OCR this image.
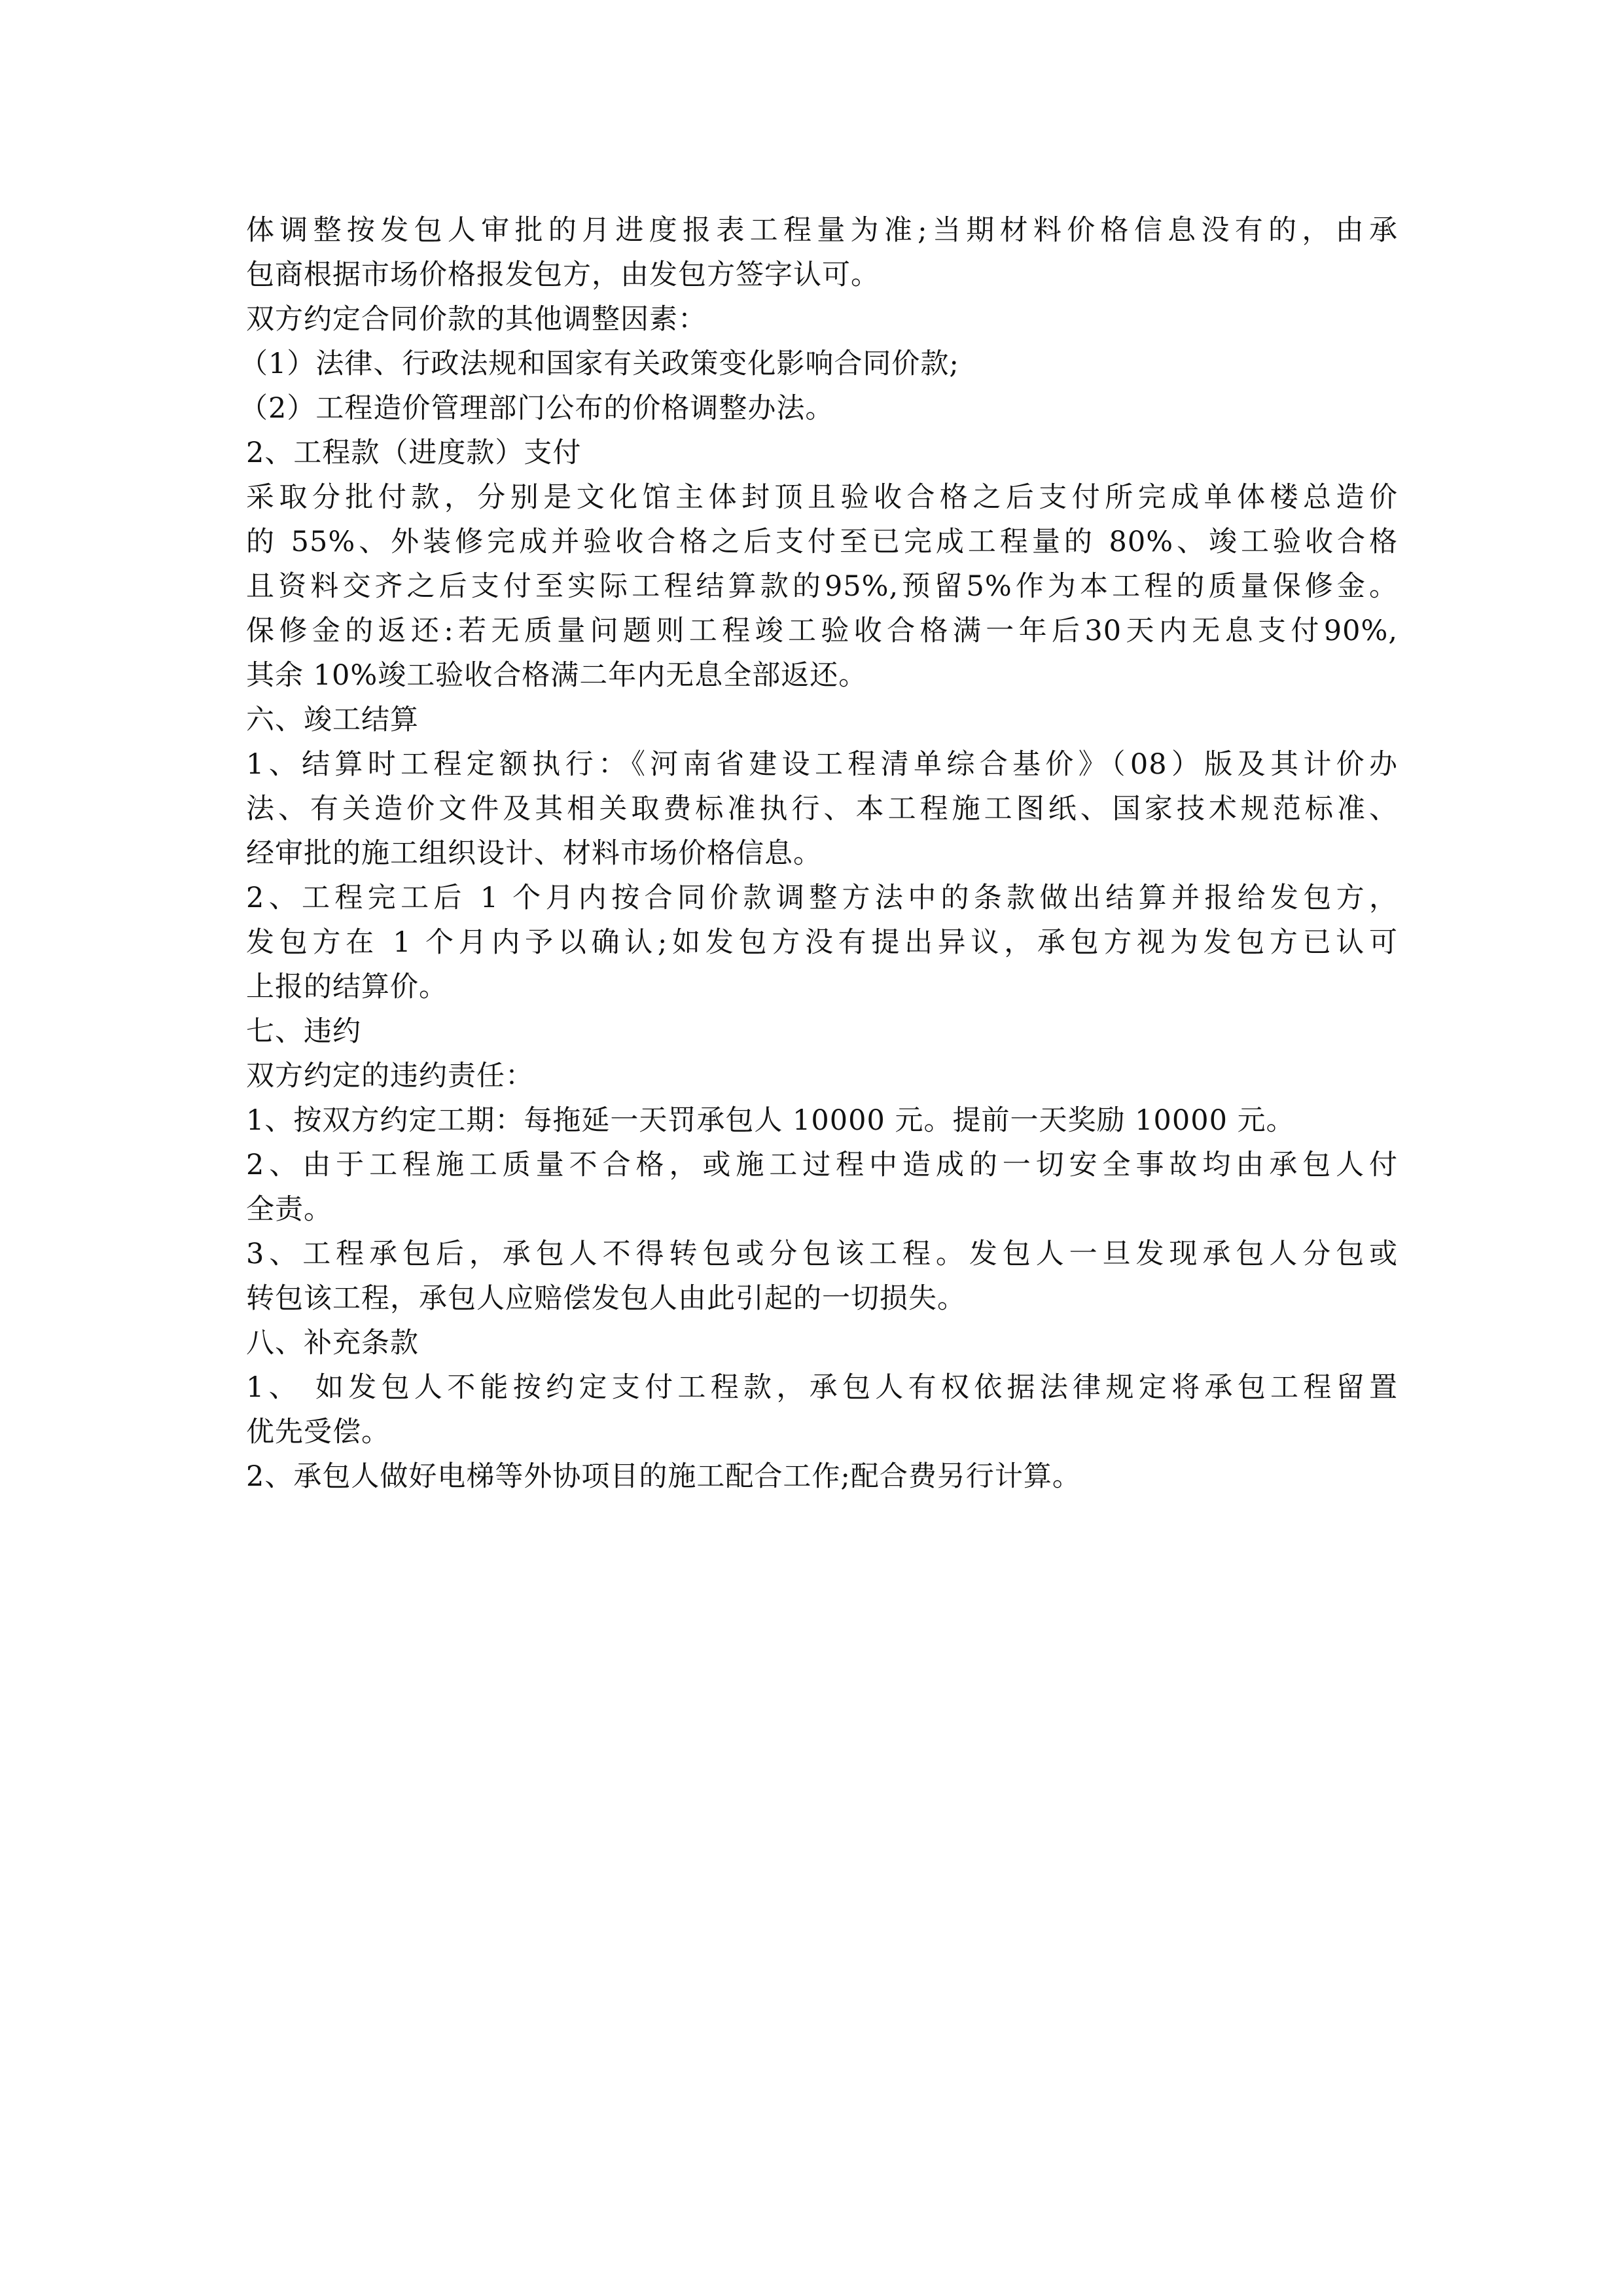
体调整按发包人审批的月进度报表工程量为准;当期材料价格信息没有的，由承
包商根据市场价格报发包方，由发包方签字认可。
双方约定合同价款的其他调整因素：
（1）法律、行政法规和国家有关政策变化影响合同价款;
（2）工程造价管理部门公布的价格调整办法。
2、工程款（进度款）支付
采取分批付款，分别是文化馆主体封顶且验收合格之后支付所完成单体楼总造价
的 55%、外装修完成并验收合格之后支付至已完成工程量的 80%、竣工验收合格
且资料交齐之后支付至实际工程结算款的95%,预留5%作为本工程的质量保修金。
保修金的返还:若无质量问题则工程竣工验收合格满一年后30天内无息支付90%,
其余 10%竣工验收合格满二年内无息全部返还。
六、竣工结算
1、结算时工程定额执行：《河南省建设工程清单综合基价》（08）版及其计价办
法、有关造价文件及其相关取费标准执行、本工程施工图纸、国家技术规范标准、
经审批的施工组织设计、材料市场价格信息。
2、工程完工后 1 个月内按合同价款调整方法中的条款做出结算并报给发包方，
发包方在 1 个月内予以确认;如发包方没有提出异议，承包方视为发包方已认可
上报的结算价。
七、违约
双方约定的违约责任：
1、按双方约定工期：每拖延一天罚承包人 10000 元。提前一天奖励 10000 元。
2、由于工程施工质量不合格，或施工过程中造成的一切安全事故均由承包人付
全责。
3、工程承包后，承包人不得转包或分包该工程。发包人一旦发现承包人分包或
转包该工程，承包人应赔偿发包人由此引起的一切损失。
八、补充条款
1、 如发包人不能按约定支付工程款，承包人有权依据法律规定将承包工程留置
优先受偿。
2、承包人做好电梯等外协项目的施工配合工作;配合费另行计算。
